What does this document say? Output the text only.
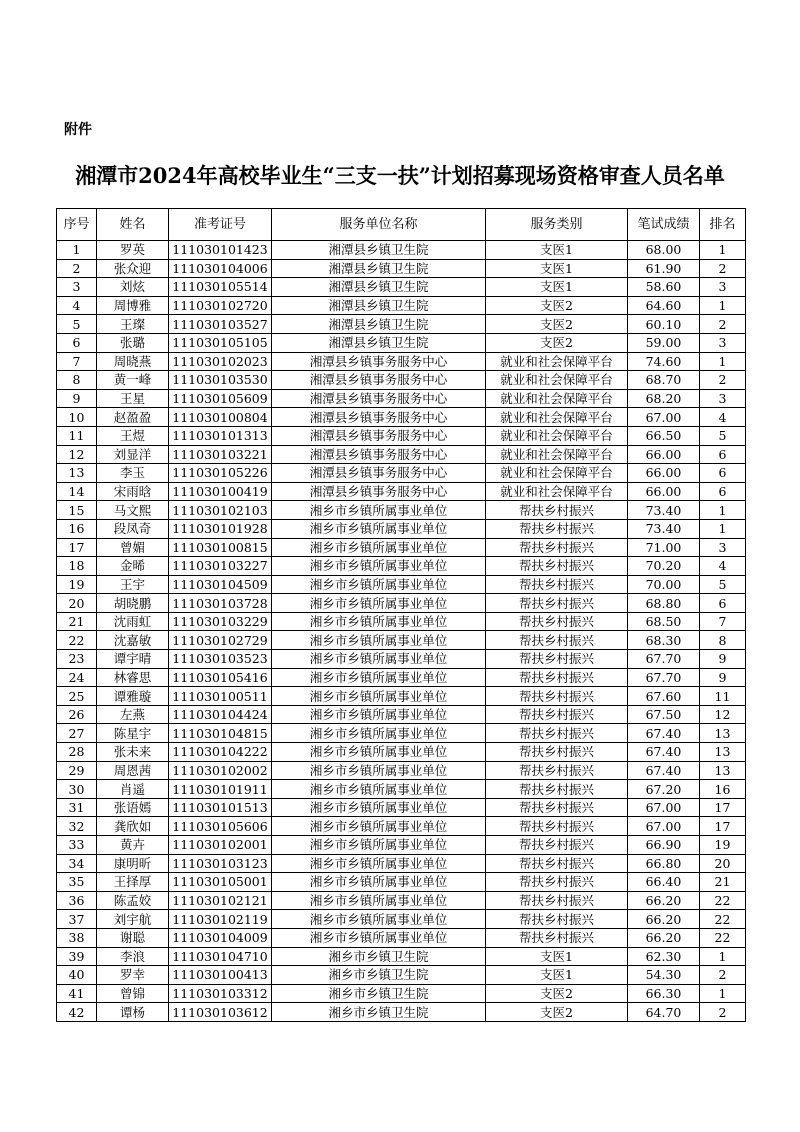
附件
湘潭市2024年高校毕业生“三支一扶”计划招募现场资格审查人员名单
序号	姓名	准考证号	服务单位名称	服务类别	笔试成绩	排名
1	罗英	111030101423	湘潭县乡镇卫生院	支医1	68.00	1
2	张众迎	111030104006	湘潭县乡镇卫生院	支医1	61.90	2
3	刘炫	111030105514	湘潭县乡镇卫生院	支医1	58.60	3
4	周博雅	111030102720	湘潭县乡镇卫生院	支医2	64.60	1
5	王璨	111030103527	湘潭县乡镇卫生院	支医2	60.10	2
6	张璐	111030105105	湘潭县乡镇卫生院	支医2	59.00	3
7	周晓燕	111030102023	湘潭县乡镇事务服务中心	就业和社会保障平台	74.60	1
8	黄一峰	111030103530	湘潭县乡镇事务服务中心	就业和社会保障平台	68.70	2
9	王星	111030105609	湘潭县乡镇事务服务中心	就业和社会保障平台	68.20	3
10	赵盈盈	111030100804	湘潭县乡镇事务服务中心	就业和社会保障平台	67.00	4
11	王煜	111030101313	湘潭县乡镇事务服务中心	就业和社会保障平台	66.50	5
12	刘显洋	111030103221	湘潭县乡镇事务服务中心	就业和社会保障平台	66.00	6
13	李玉	111030105226	湘潭县乡镇事务服务中心	就业和社会保障平台	66.00	6
14	宋雨晗	111030100419	湘潭县乡镇事务服务中心	就业和社会保障平台	66.00	6
15	马文熙	111030102103	湘乡市乡镇所属事业单位	帮扶乡村振兴	73.40	1
16	段凤奇	111030101928	湘乡市乡镇所属事业单位	帮扶乡村振兴	73.40	1
17	曾媚	111030100815	湘乡市乡镇所属事业单位	帮扶乡村振兴	71.00	3
18	金晞	111030103227	湘乡市乡镇所属事业单位	帮扶乡村振兴	70.20	4
19	王宇	111030104509	湘乡市乡镇所属事业单位	帮扶乡村振兴	70.00	5
20	胡晓鹏	111030103728	湘乡市乡镇所属事业单位	帮扶乡村振兴	68.80	6
21	沈雨虹	111030103229	湘乡市乡镇所属事业单位	帮扶乡村振兴	68.50	7
22	沈嘉敏	111030102729	湘乡市乡镇所属事业单位	帮扶乡村振兴	68.30	8
23	谭宇晴	111030103523	湘乡市乡镇所属事业单位	帮扶乡村振兴	67.70	9
24	林睿思	111030105416	湘乡市乡镇所属事业单位	帮扶乡村振兴	67.70	9
25	谭雅璇	111030100511	湘乡市乡镇所属事业单位	帮扶乡村振兴	67.60	11
26	左燕	111030104424	湘乡市乡镇所属事业单位	帮扶乡村振兴	67.50	12
27	陈星宇	111030104815	湘乡市乡镇所属事业单位	帮扶乡村振兴	67.40	13
28	张未来	111030104222	湘乡市乡镇所属事业单位	帮扶乡村振兴	67.40	13
29	周恩茜	111030102002	湘乡市乡镇所属事业单位	帮扶乡村振兴	67.40	13
30	肖遥	111030101911	湘乡市乡镇所属事业单位	帮扶乡村振兴	67.20	16
31	张语嫣	111030101513	湘乡市乡镇所属事业单位	帮扶乡村振兴	67.00	17
32	龚欣如	111030105606	湘乡市乡镇所属事业单位	帮扶乡村振兴	67.00	17
33	黄卉	111030102001	湘乡市乡镇所属事业单位	帮扶乡村振兴	66.90	19
34	康明昕	111030103123	湘乡市乡镇所属事业单位	帮扶乡村振兴	66.80	20
35	王择厚	111030105001	湘乡市乡镇所属事业单位	帮扶乡村振兴	66.40	21
36	陈孟姣	111030102121	湘乡市乡镇所属事业单位	帮扶乡村振兴	66.20	22
37	刘宇航	111030102119	湘乡市乡镇所属事业单位	帮扶乡村振兴	66.20	22
38	谢聪	111030104009	湘乡市乡镇所属事业单位	帮扶乡村振兴	66.20	22
39	李浪	111030104710	湘乡市乡镇卫生院	支医1	62.30	1
40	罗幸	111030100413	湘乡市乡镇卫生院	支医1	54.30	2
41	曾锦	111030103312	湘乡市乡镇卫生院	支医2	66.30	1
42	谭杨	111030103612	湘乡市乡镇卫生院	支医2	64.70	2
